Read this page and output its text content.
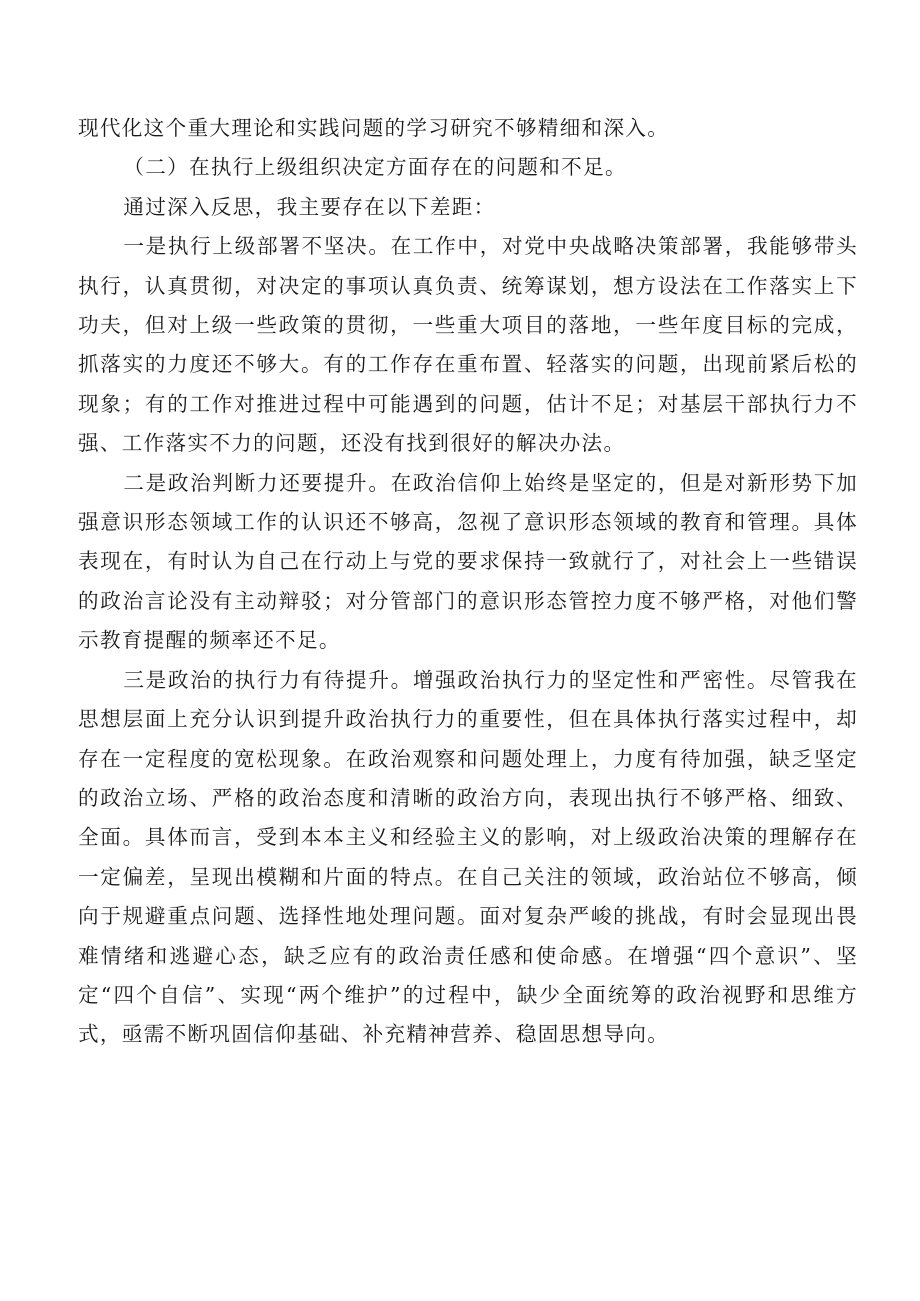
现代化这个重大理论和实践问题的学习研究不够精细和深入。

（二）在执行上级组织决定方面存在的问题和不足。

通过深入反思，我主要存在以下差距：

一是执行上级部署不坚决。在工作中，对党中央战略决策部署，我能够带头执行，认真贯彻，对决定的事项认真负责、统筹谋划，想方设法在工作落实上下功夫，但对上级一些政策的贯彻，一些重大项目的落地，一些年度目标的完成，抓落实的力度还不够大。有的工作存在重布置、轻落实的问题，出现前紧后松的现象；有的工作对推进过程中可能遇到的问题，估计不足；对基层干部执行力不强、工作落实不力的问题，还没有找到很好的解决办法。

二是政治判断力还要提升。在政治信仰上始终是坚定的，但是对新形势下加强意识形态领域工作的认识还不够高，忽视了意识形态领域的教育和管理。具体表现在，有时认为自己在行动上与党的要求保持一致就行了，对社会上一些错误的政治言论没有主动辩驳；对分管部门的意识形态管控力度不够严格，对他们警示教育提醒的频率还不足。

三是政治的执行力有待提升。增强政治执行力的坚定性和严密性。尽管我在思想层面上充分认识到提升政治执行力的重要性，但在具体执行落实过程中，却存在一定程度的宽松现象。在政治观察和问题处理上，力度有待加强，缺乏坚定的政治立场、严格的政治态度和清晰的政治方向，表现出执行不够严格、细致、全面。具体而言，受到本本主义和经验主义的影响，对上级政治决策的理解存在一定偏差，呈现出模糊和片面的特点。在自己关注的领域，政治站位不够高，倾向于规避重点问题、选择性地处理问题。面对复杂严峻的挑战，有时会显现出畏难情绪和逃避心态，缺乏应有的政治责任感和使命感。在增强“四个意识”、坚定“四个自信”、实现“两个维护”的过程中，缺少全面统筹的政治视野和思维方式，亟需不断巩固信仰基础、补充精神营养、稳固思想导向。
